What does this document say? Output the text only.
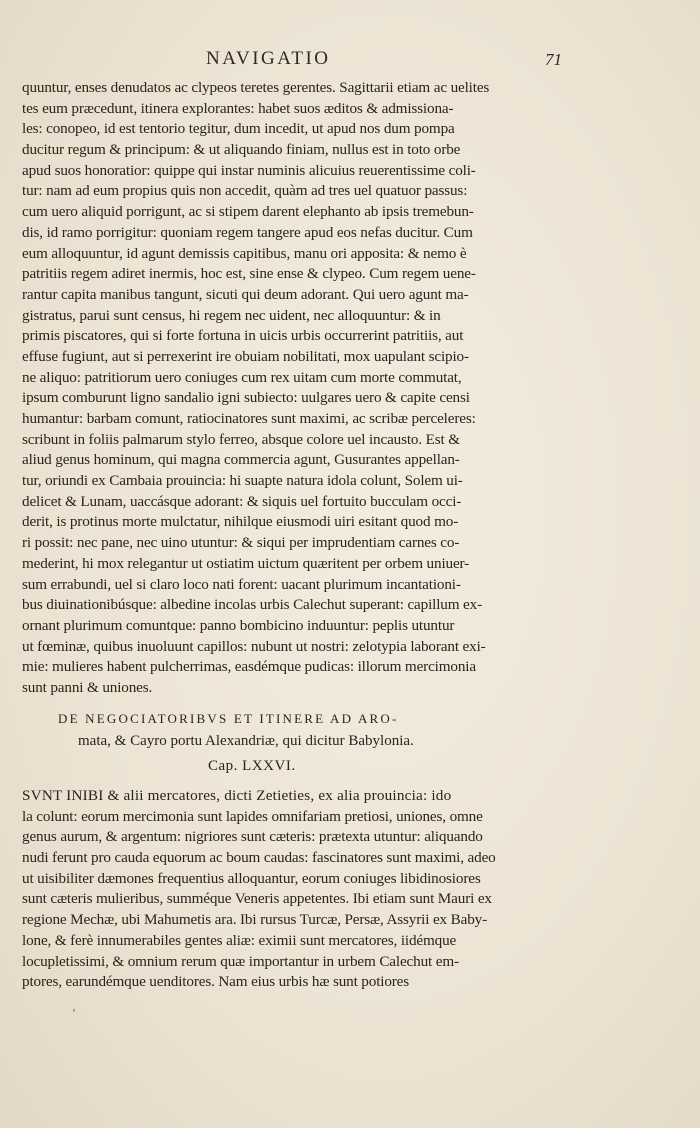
NAVIGATIO	71
quuntur, enses denudatos ac clypeos teretes gerentes. Sagittarii etiam ac uelites
tes eum præcedunt, itinera explorantes: habet suos æditos & admissiona-
les: conopeo, id est tentorio tegitur, dum incedit, ut apud nos dum pompa
ducitur regum & principum: & ut aliquando finiam, nullus est in toto orbe
apud suos honoratior: quippe qui instar numinis alicuius reuerentissime coli-
tur: nam ad eum propius quis non accedit, quàm ad tres uel quatuor passus:
cum uero aliquid porrigunt, ac si stipem darent elephanto ab ipsis tremebun-
dis, id ramo porrigitur: quoniam regem tangere apud eos nefas ducitur. Cum
eum alloquuntur, id agunt demissis capitibus, manu ori apposita: & nemo è
patritiis regem adiret inermis, hoc est, sine ense & clypeo. Cum regem uene-
rantur capita manibus tangunt, sicuti qui deum adorant. Qui uero agunt ma-
gistratus, parui sunt census, hi regem nec uident, nec alloquuntur: & in
primis piscatores, qui si forte fortuna in uicis urbis occurrerint patritiis, aut
effuse fugiunt, aut si perrexerint ire obuiam nobilitati, mox uapulant scipio-
ne aliquo: patritiorum uero coniuges cum rex uitam cum morte commutat,
ipsum comburunt ligno sandalio igni subiecto: uulgares uero & capite censi
humantur: barbam comunt, ratiocinatores sunt maximi, ac scribæ perceleres:
scribunt in foliis palmarum stylo ferreo, absque colore uel incausto. Est &
aliud genus hominum, qui magna commercia agunt, Gusurantes appellan-
tur, oriundi ex Cambaia prouincia: hi suapte natura idola colunt, Solem ui-
delicet & Lunam, uaccásque adorant: & siquis uel fortuito bucculam occi-
derit, is protinus morte mulctatur, nihilque eiusmodi uiri esitant quod mo-
ri possit: nec pane, nec uino utuntur: & siqui per imprudentiam carnes co-
mederint, hi mox relegantur ut ostiatim uictum quæritent per orbem uniuer-
sum errabundi, uel si claro loco nati forent: uacant plurimum incantationi-
bus diuinationibúsque: albedine incolas urbis Calechut superant: capillum ex-
ornant plurimum comuntque: panno bombicino induuntur: peplis utuntur
ut fœminæ, quibus inuoluunt capillos: nubunt ut nostri: zelotypia laborant exi-
mie: mulieres habent pulcherrimas, easdémque pudicas: illorum mercimonia
sunt panni & uniones.
DE NEGOCIATORIBVS ET ITINERE AD ARO-
mata, & Cayro portu Alexandriæ, qui dicitur Babylonia.
Cap. LXXVI.
SVNT INIBI & alii mercatores, dicti Zetieties, ex alia prouincia: ido
la colunt: eorum mercimonia sunt lapides omnifariam pretiosi, uniones, omne
genus aurum, & argentum: nigriores sunt cæteris: prætexta utuntur: aliquando
nudi ferunt pro cauda equorum ac boum caudas: fascinatores sunt maximi, adeo
ut uisibiliter dæmones frequentius alloquantur, eorum coniuges libidinosiores
sunt cæteris mulieribus, summéque Veneris appetentes. Ibi etiam sunt Mauri ex
regione Mechæ, ubi Mahumetis ara. Ibi rursus Turcæ, Persæ, Assyrii ex Baby-
lone, & ferè innumerabiles gentes aliæ: eximii sunt mercatores, iidémque
locupletissimi, & omnium rerum quæ importantur in urbem Calechut em-
ptores, earundémque uenditores. Nam eius urbis hæ sunt potiores
ʼ
